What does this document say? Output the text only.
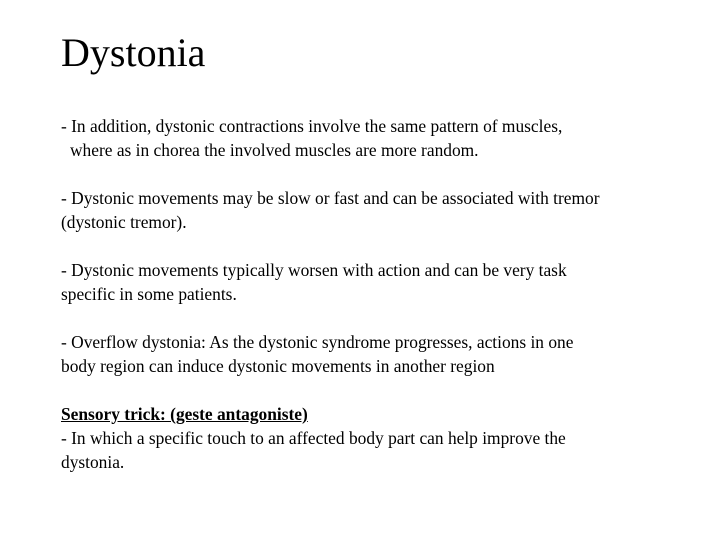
Dystonia

- In addition, dystonic contractions involve the same pattern of muscles,
where as in chorea the involved muscles are more random.

- Dystonic movements may be slow or fast and can be associated with tremor
(dystonic tremor).

- Dystonic movements typically worsen with action and can be very task
specific in some patients.

- Overflow dystonia: As the dystonic syndrome progresses, actions in one
body region can induce dystonic movements in another region

Sensory trick: (geste antagoniste)
- In which a specific touch to an affected body part can help improve the
dystonia.
